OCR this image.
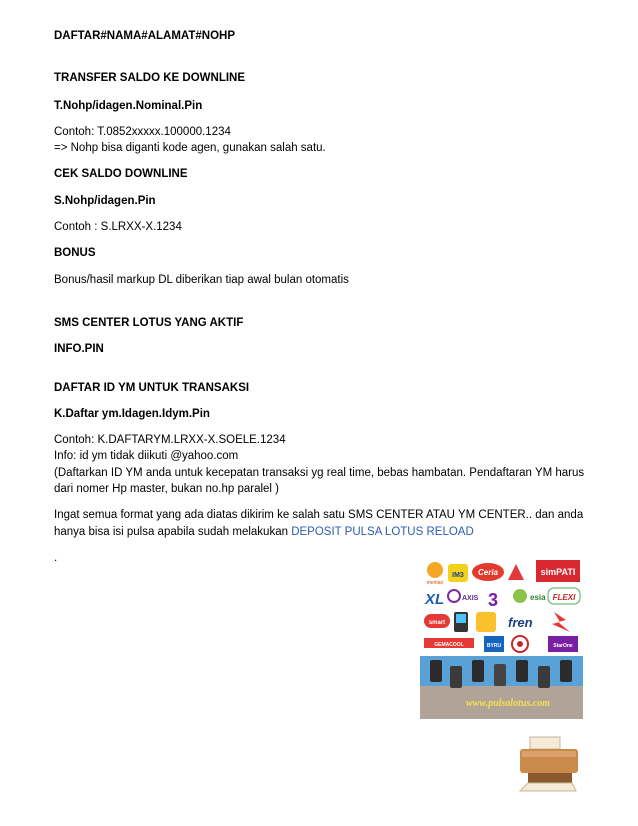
DAFTAR#NAMA#ALAMAT#NOHP
TRANSFER SALDO KE DOWNLINE
T.Nohp/idagen.Nominal.Pin
Contoh: T.0852xxxxx.100000.1234
=> Nohp bisa diganti kode agen, gunakan salah satu.
CEK SALDO DOWNLINE
S.Nohp/idagen.Pin
Contoh : S.LRXX-X.1234
BONUS
Bonus/hasil markup DL diberikan tiap awal bulan otomatis
SMS CENTER LOTUS YANG AKTIF
INFO.PIN
DAFTAR ID YM UNTUK TRANSAKSI
K.Daftar ym.Idagen.Idym.Pin
Contoh: K.DAFTARYM.LRXX-X.SOELE.1234
Info: id ym tidak diikuti @yahoo.com
(Daftarkan ID YM anda untuk kecepatan transaksi yg real time, bebas hambatan. Pendaftaran YM harus
dari nomer Hp master, bukan no.hp paralel )
Ingat semua format yang ada diatas dikirim ke salah satu SMS CENTER ATAU YM CENTER.. dan anda
hanya bisa isi pulsa apabila sudah melakukan DEPOSIT PULSA LOTUS RELOAD
.
mentari
IM3 Ceria	simPATI
XL	AXIS 3	esia FLEXI
smart	fren
GEMACOOL	BYRU	StarOne
www.pulsalotus.com
